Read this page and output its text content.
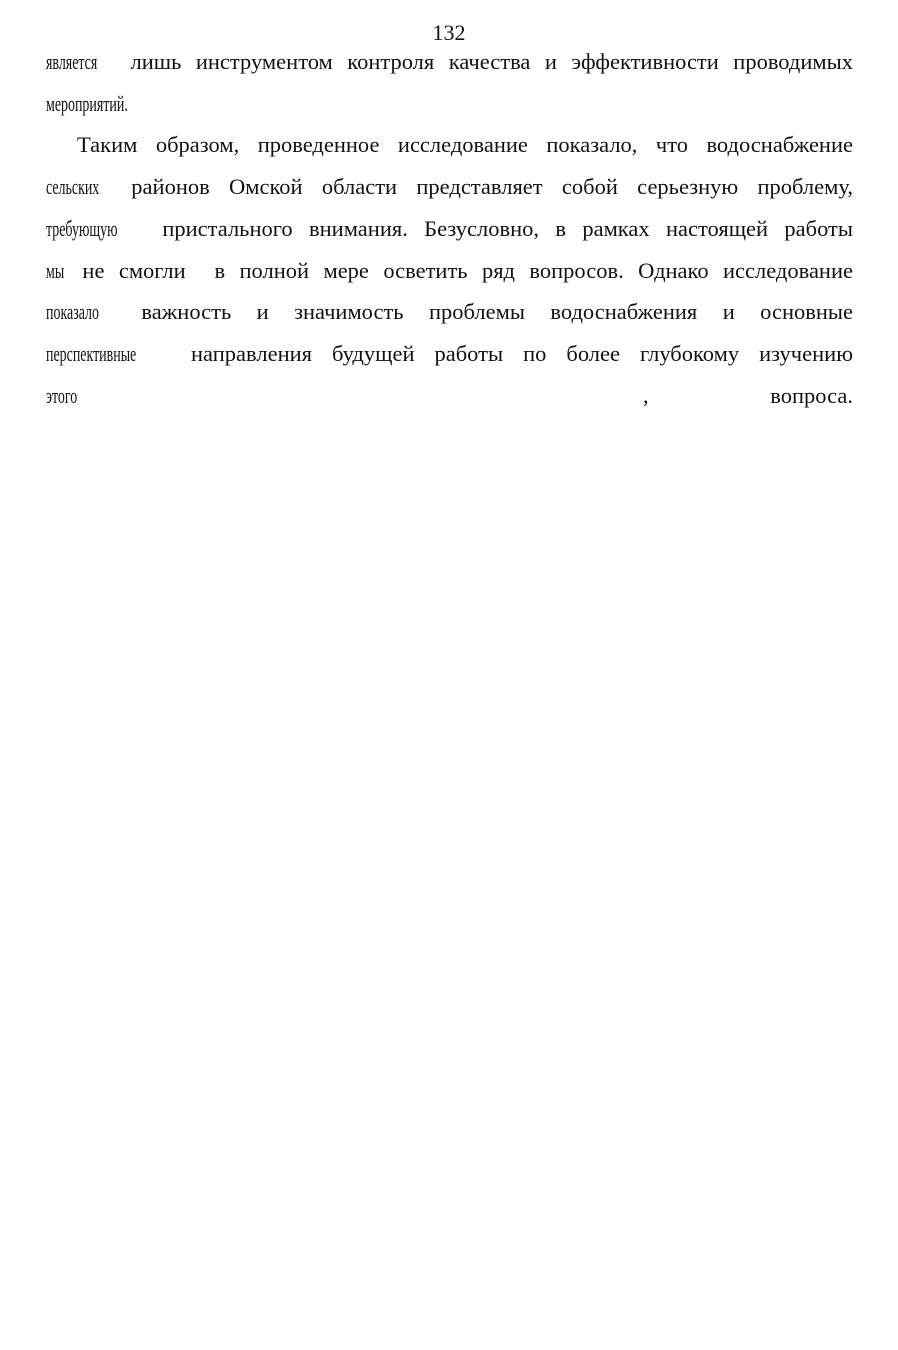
132
является лишь инструментом контроля качества и эффективности проводимых
мероприятий.
Таким образом, проведенное исследование показало, что водоснабжение
сельских районов Омской области представляет собой серьезную проблему,
требующую пристального внимания. Безусловно, в рамках настоящей работы
мы не смогли  в полной мере осветить ряд вопросов. Однако исследование
показало важность и значимость проблемы водоснабжения и основные
перспективные направления будущей работы по более глубокому изучению
этого	,	вопроса.
